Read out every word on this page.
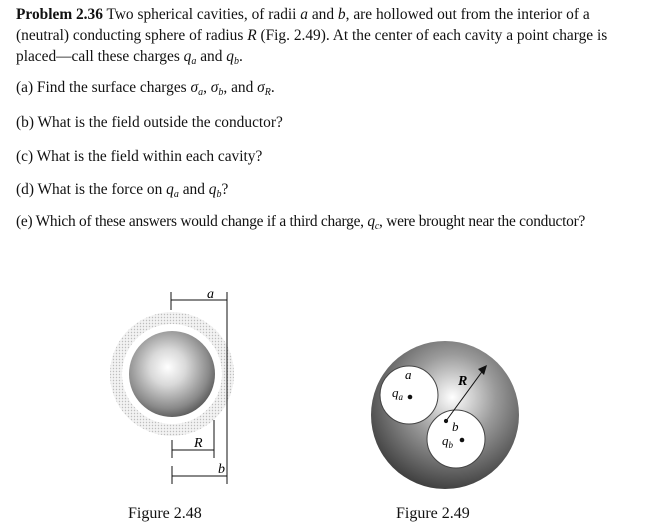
Problem 2.36 Two spherical cavities, of radii a and b, are hollowed out from the interior of a (neutral) conducting sphere of radius R (Fig. 2.49). At the center of each cavity a point charge is placed—call these charges $q_a$ and $q_b$.
(a) Find the surface charges $\sigma_a$, $\sigma_b$, and $\sigma_R$.
(b) What is the field outside the conductor?
(c) What is the field within each cavity?
(d) What is the force on $q_a$ and $q_b$?
(e) Which of these answers would change if a third charge, $q_c$, were brought near the conductor?
a
R
b
Figure 2.48
R
a
$q_a$
b
$q_b$
Figure 2.49
